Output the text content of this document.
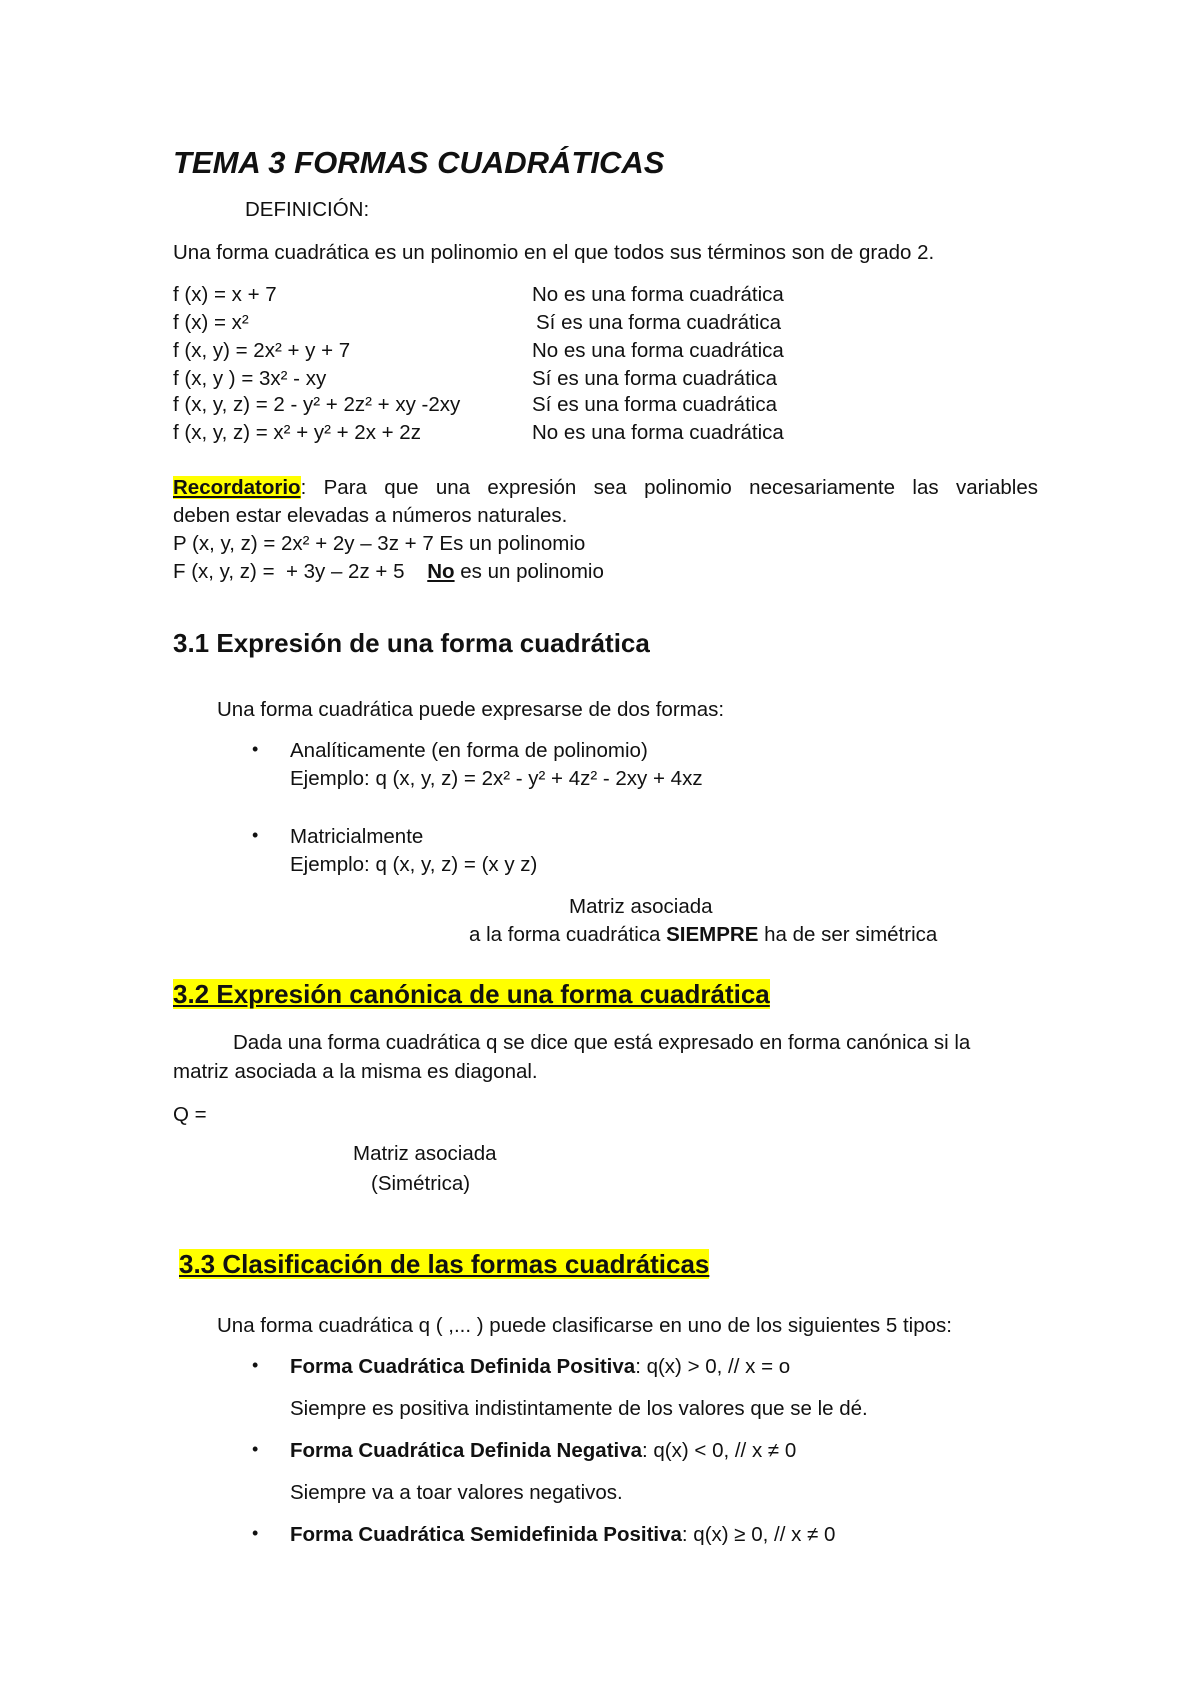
TEMA 3 FORMAS CUADRÁTICAS
DEFINICIÓN:
Una forma cuadrática es un polinomio en el que todos sus términos son de grado 2.
f (x) = x + 7	No es una forma cuadrática
f (x) = x²	Sí es una forma cuadrática
f (x, y) = 2x² + y + 7	No es una forma cuadrática
f (x, y ) = 3x² - xy	Sí es una forma cuadrática
f (x, y, z) = 2 - y² + 2z² + xy -2xy	Sí es una forma cuadrática
f (x, y, z) = x² + y² + 2x + 2z	No es una forma cuadrática
Recordatorio: Para que una expresión sea polinomio necesariamente las variables
deben estar elevadas a números naturales.
P (x, y, z) = 2x² + 2y – 3z + 7 Es un polinomio
F (x, y, z) =  + 3y – 2z + 5    No es un polinomio
3.1 Expresión de una forma cuadrática
Una forma cuadrática puede expresarse de dos formas:
• Analíticamente (en forma de polinomio)
Ejemplo: q (x, y, z) = 2x² - y² + 4z² - 2xy + 4xz
• Matricialmente
Ejemplo: q (x, y, z) = (x y z)
Matriz asociada
a la forma cuadrática SIEMPRE ha de ser simétrica
3.2 Expresión canónica de una forma cuadrática
Dada una forma cuadrática q se dice que está expresado en forma canónica si la
matriz asociada a la misma es diagonal.
Q =
Matriz asociada
(Simétrica)
3.3 Clasificación de las formas cuadráticas
Una forma cuadrática q ( ,... ) puede clasificarse en uno de los siguientes 5 tipos:
• Forma Cuadrática Definida Positiva: q(x) > 0, // x = o
Siempre es positiva indistintamente de los valores que se le dé.
• Forma Cuadrática Definida Negativa: q(x) < 0, // x ≠ 0
Siempre va a toar valores negativos.
• Forma Cuadrática Semidefinida Positiva: q(x) ≥ 0, // x ≠ 0
